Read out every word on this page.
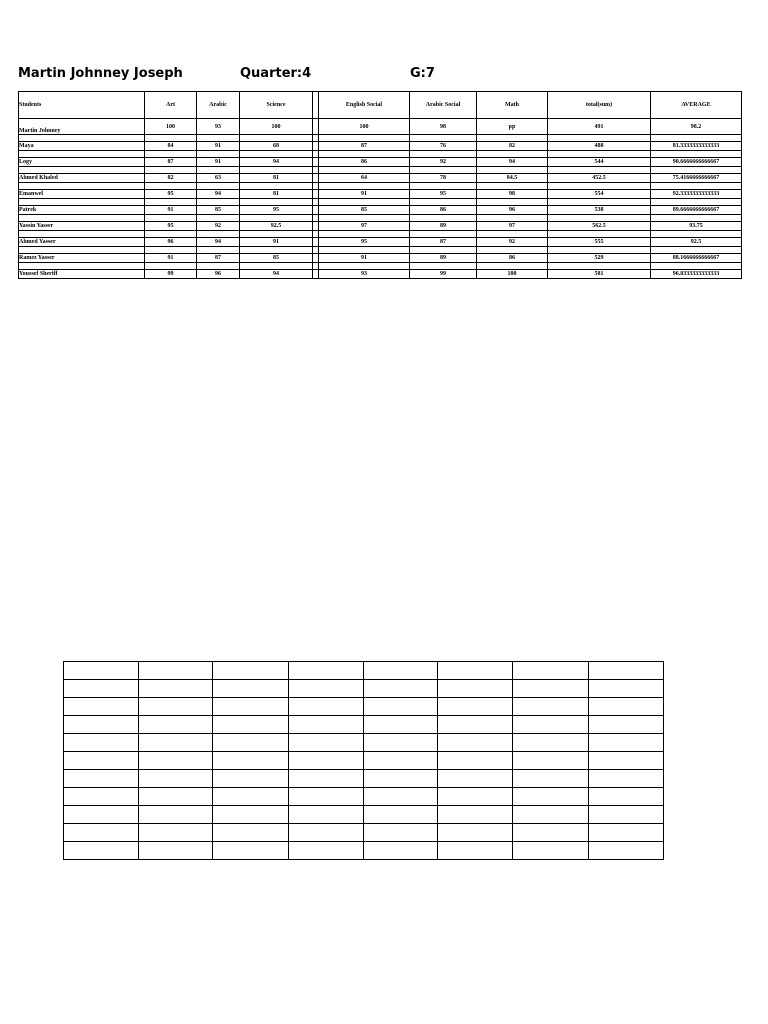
Martin Johnney Joseph	Quarter:4	G:7
Students	Art	Arabic	Science		English Social	Arabic Social	Math	total(sum)	AVERAGE
Martin Johnney	100	93	100		100	98	pp	491	98.2

Maya	84	91	68		87	76	82	488	81.3333333333333

Logy	87	91	94		86	92	94	544	90.6666666666667

Ahmed Khaled	82	63	81		64	78	84.5	452.5	75.4166666666667

Emanwel	95	94	81		91	95	98	554	92.3333333333333

Patrek	91	85	95		85	86	96	538	89.6666666666667

Yassin Yasser	95	92	92.5		97	89	97	562.5	93.75

Ahmed Yasser	96	94	91		95	87	92	555	92.5

Ramez Yasser	91	87	85		91	89	86	529	88.1666666666667

Youssef Sheriff	99	96	94		93	99	100	581	96.8333333333333
